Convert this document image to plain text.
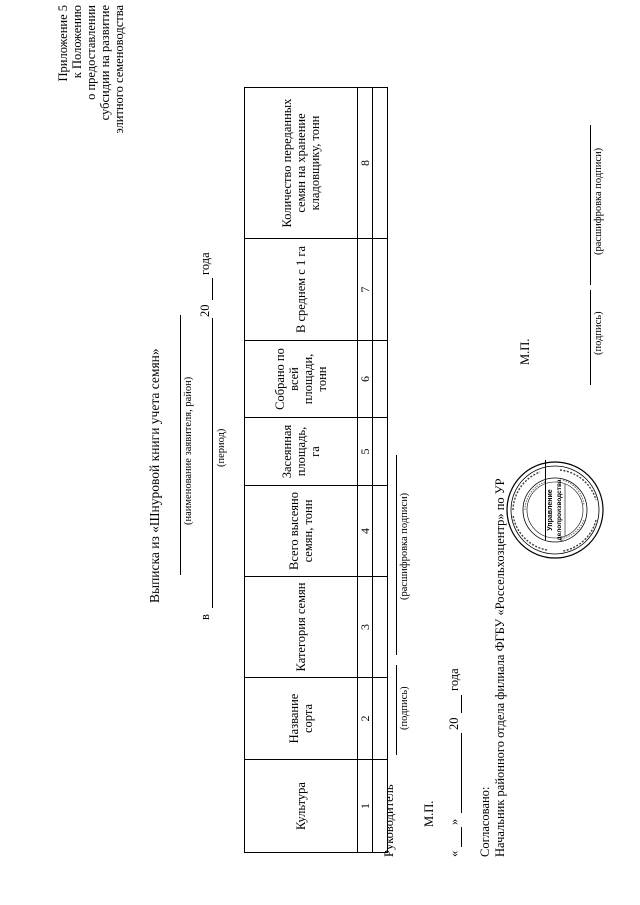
Приложение 5 к Положению о предоставлении субсидии на развитие элитного семеноводства
Выписка из «Шнуровой книги учета семян» (наименование заявителя, район)
в
20
года
(период)
Культура	Название сорта	Категория семян	Всего высеяно семян, тонн	Засеянная площадь, га	Собрано по всей площади, тонн	В среднем с 1 га	Количество переданных семян на хранение кладовщику, тонн
1	2	3	4	5	6	7	8

Руководитель
(подпись)
(расшифровка подписи)
М.П.
«
»
20
года
Согласовано: Начальник районного отдела филиала ФГБУ «Россельхозцентр» по УР
М.П.	(подпись)
(расшифровка подписи)
Управление делопроизводства
